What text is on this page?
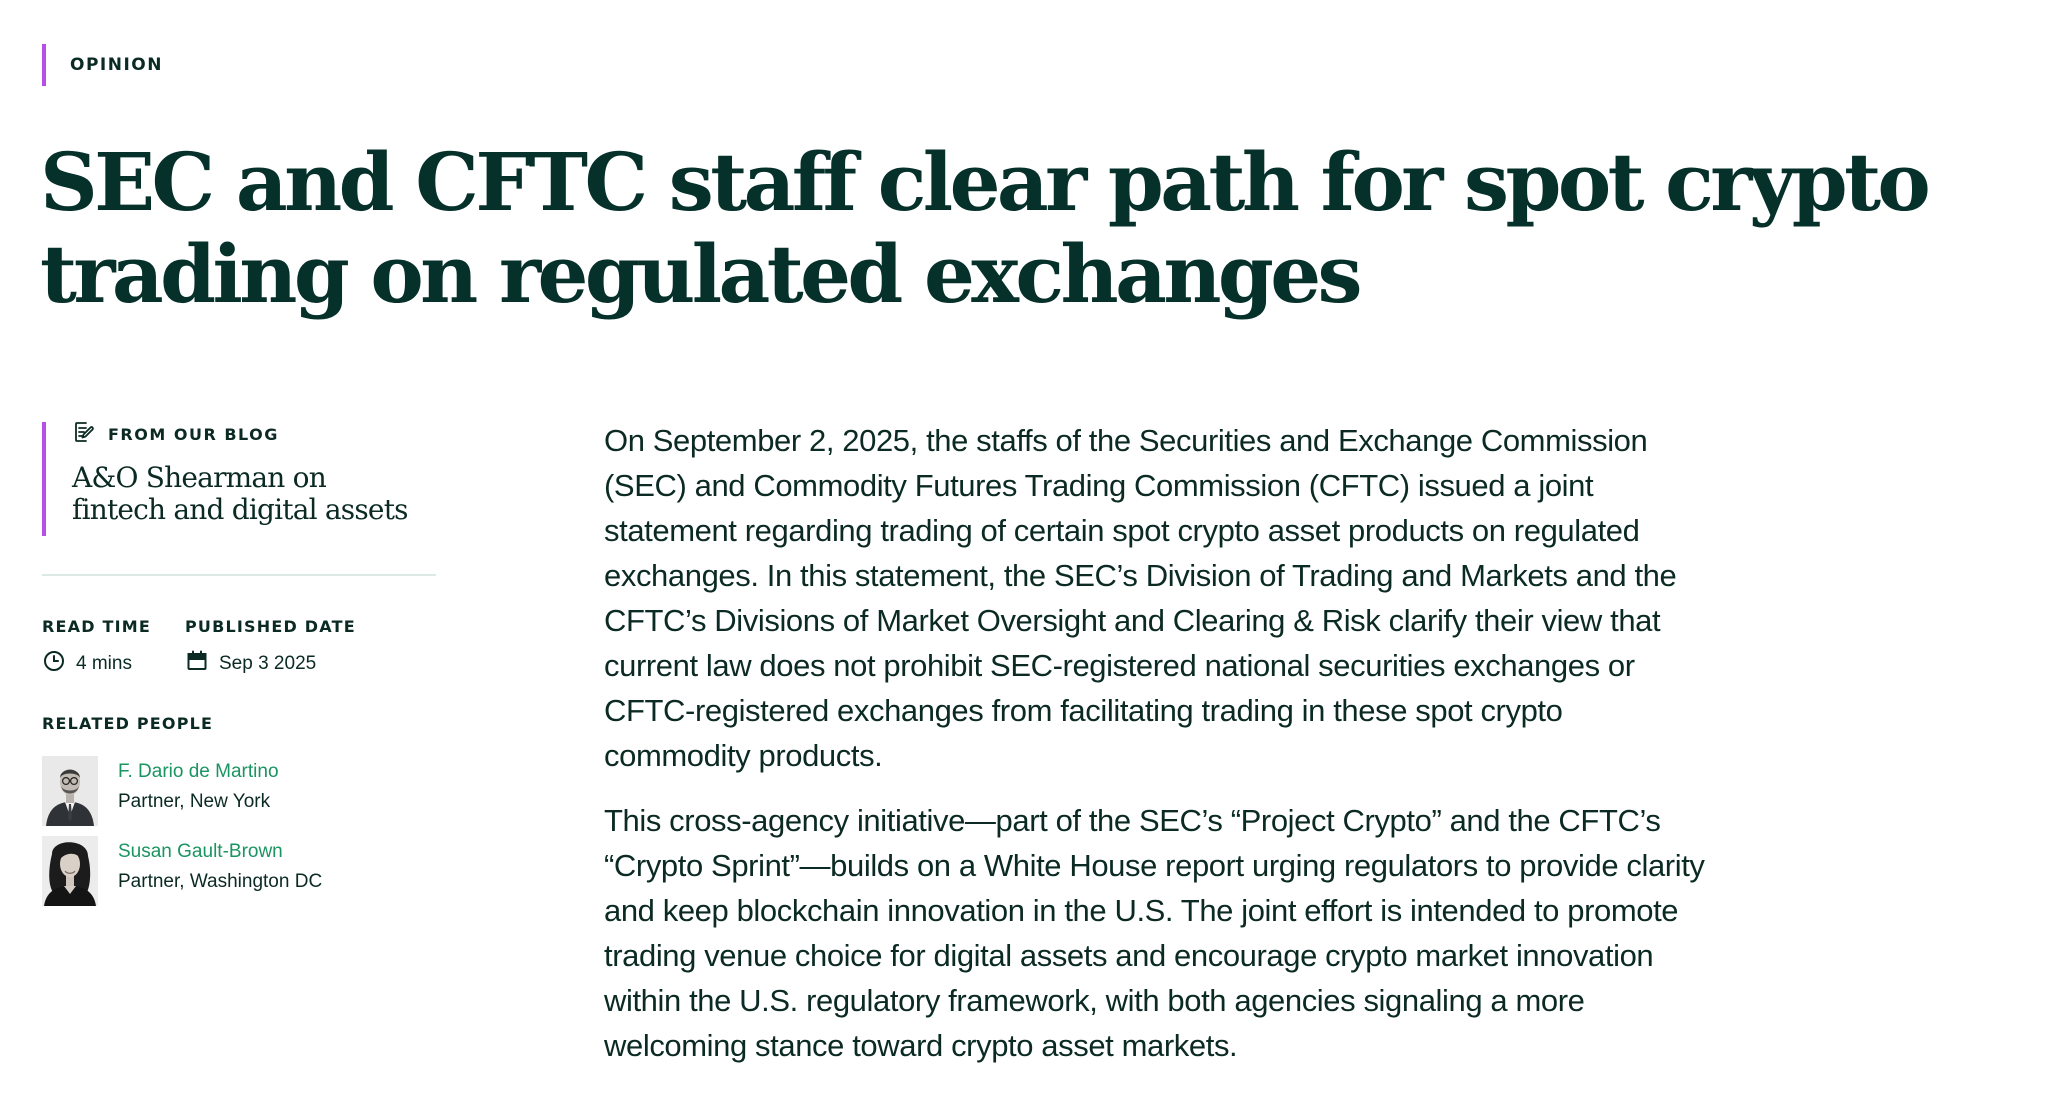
OPINION
SEC and CFTC staff clear path for spot crypto trading on regulated exchanges
FROM OUR BLOG
A&O Shearman on fintech and digital assets
READ TIME
4 mins
PUBLISHED DATE
Sep 3 2025
RELATED PEOPLE
F. Dario de Martino
Partner, New York
Susan Gault-Brown
Partner, Washington DC

On September 2, 2025, the staffs of the Securities and Exchange Commission (SEC) and Commodity Futures Trading Commission (CFTC) issued a joint statement regarding trading of certain spot crypto asset products on regulated exchanges. In this statement, the SEC’s Division of Trading and Markets and the CFTC’s Divisions of Market Oversight and Clearing & Risk clarify their view that current law does not prohibit SEC-registered national securities exchanges or CFTC-registered exchanges from facilitating trading in these spot crypto commodity products.

This cross-agency initiative—part of the SEC’s “Project Crypto” and the CFTC’s “Crypto Sprint”—builds on a White House report urging regulators to provide clarity and keep blockchain innovation in the U.S. The joint effort is intended to promote trading venue choice for digital assets and encourage crypto market innovation within the U.S. regulatory framework, with both agencies signaling a more welcoming stance toward crypto asset markets.
